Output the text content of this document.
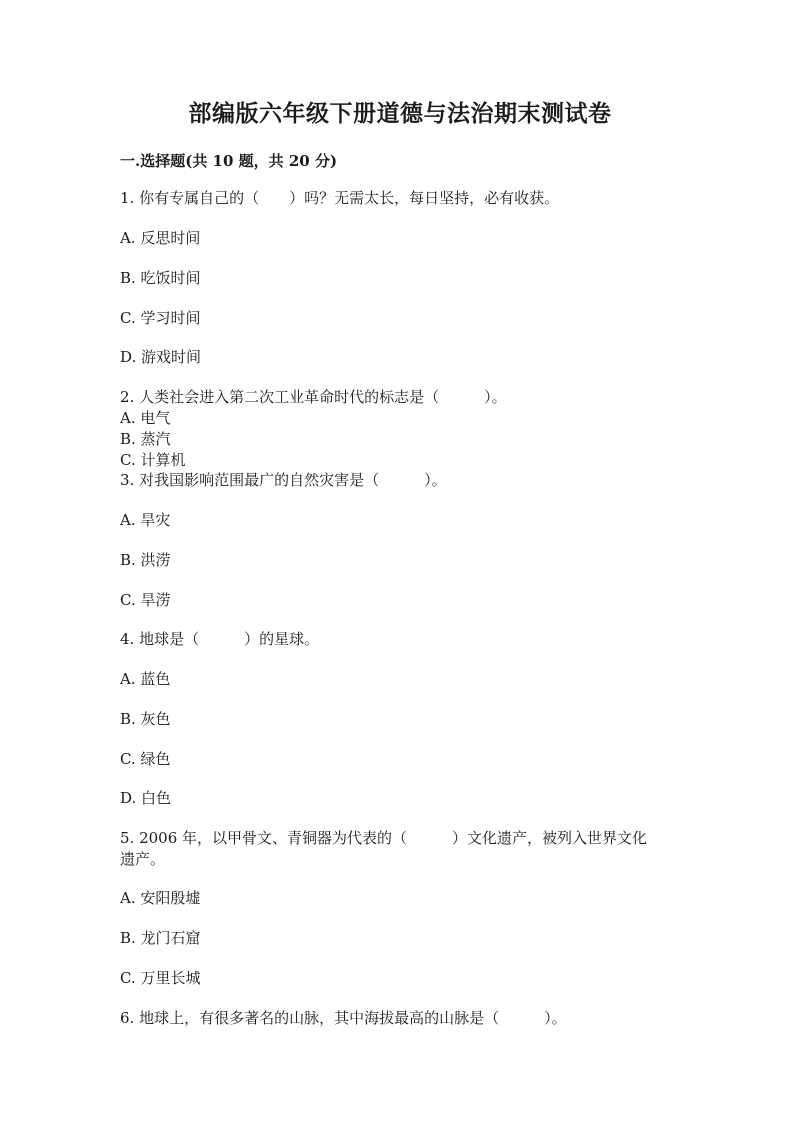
部编版六年级下册道德与法治期末测试卷
一.选择题(共 10 题，共 20 分)
1. 你有专属自己的（　　）吗？无需太长，每日坚持，必有收获。
A. 反思时间
B. 吃饭时间
C. 学习时间
D. 游戏时间
2. 人类社会进入第二次工业革命时代的标志是（　　　）。
A. 电气
B. 蒸汽
C. 计算机
3. 对我国影响范围最广的自然灾害是（　　　）。
A. 旱灾
B. 洪涝
C. 旱涝
4. 地球是（　　　）的星球。
A. 蓝色
B. 灰色
C. 绿色
D. 白色
5. 2006 年，以甲骨文、青铜器为代表的（　　　）文化遗产，被列入世界文化
遗产。
A. 安阳殷墟
B. 龙门石窟
C. 万里长城
6. 地球上，有很多著名的山脉，其中海拔最高的山脉是（　　　）。
